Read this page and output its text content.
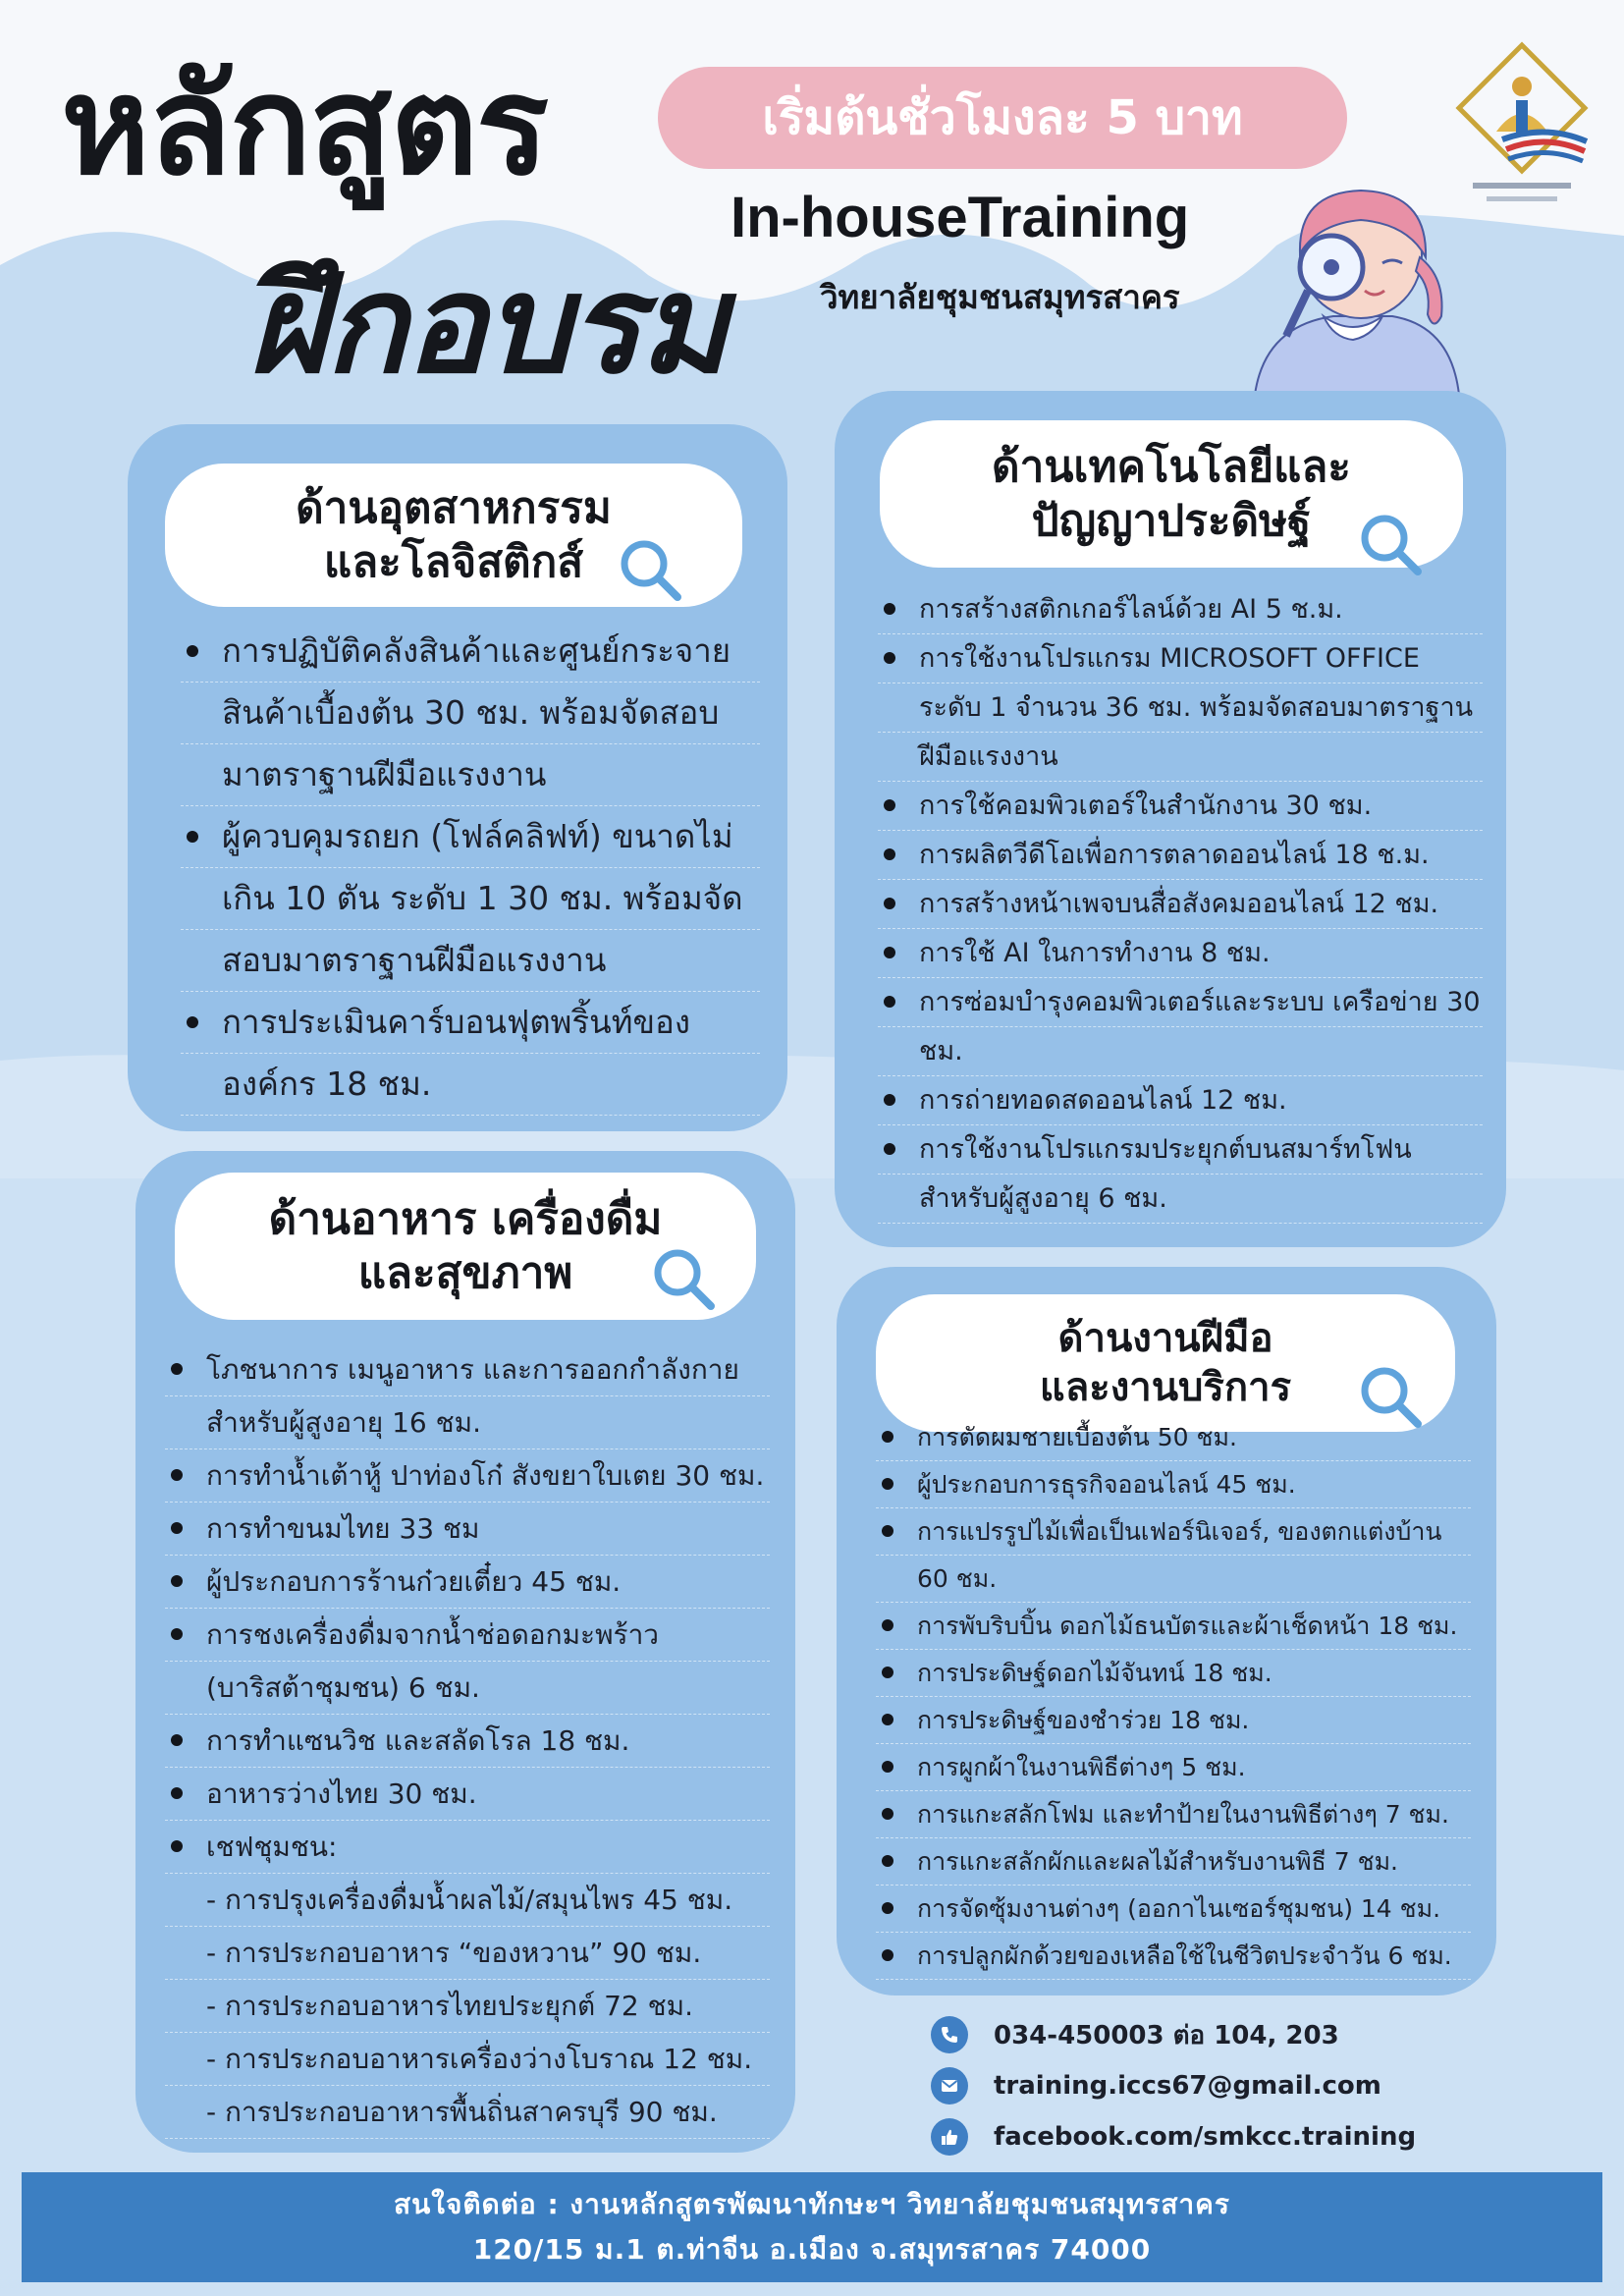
หลักสูตร
ฝึกอบรม
เริ่มต้นชั่วโมงละ 5 บาท
In-houseTraining
วิทยาลัยชุมชนสมุทรสาคร
ด้านอุตสาหกรรม
และโลจิสติกส์
การปฏิบัติคลังสินค้าและศูนย์กระจาย
สินค้าเบื้องต้น 30 ชม. พร้อมจัดสอบ
มาตราฐานฝีมือแรงงาน
ผู้ควบคุมรถยก (โฟล์คลิฟท์) ขนาดไม่
เกิน 10 ตัน ระดับ 1 30 ชม. พร้อมจัด
สอบมาตราฐานฝีมือแรงงาน
การประเมินคาร์บอนฟุตพริ้นท์ของ
องค์กร 18 ชม.
ด้านเทคโนโลยีและ
ปัญญาประดิษฐ์
การสร้างสติกเกอร์ไลน์ด้วย AI 5 ช.ม.
การใช้งานโปรแกรม MICROSOFT OFFICE
ระดับ 1 จำนวน 36 ชม. พร้อมจัดสอบมาตราฐาน
ฝีมือแรงงาน
การใช้คอมพิวเตอร์ในสำนักงาน 30 ชม.
การผลิตวีดีโอเพื่อการตลาดออนไลน์ 18 ช.ม.
การสร้างหน้าเพจบนสื่อสังคมออนไลน์ 12 ชม.
การใช้ AI ในการทำงาน 8 ชม.
การซ่อมบำรุงคอมพิวเตอร์และระบบ เครือข่าย 30
ชม.
การถ่ายทอดสดออนไลน์ 12 ชม.
การใช้งานโปรแกรมประยุกต์บนสมาร์ทโฟน
สำหรับผู้สูงอายุ 6 ชม.
ด้านอาหาร เครื่องดื่ม
และสุขภาพ
โภชนาการ เมนูอาหาร และการออกกำลังกาย
สำหรับผู้สูงอายุ 16 ชม.
การทำน้ำเต้าหู้ ปาท่องโก๋ สังขยาใบเตย 30 ชม.
การทำขนมไทย 33 ชม
ผู้ประกอบการร้านก๋วยเตี๋ยว 45 ชม.
การชงเครื่องดื่มจากน้ำช่อดอกมะพร้าว
(บาริสต้าชุมชน) 6 ชม.
การทำแซนวิช และสลัดโรล 18 ชม.
อาหารว่างไทย 30 ชม.
เชฟชุมชน:
- การปรุงเครื่องดื่มน้ำผลไม้/สมุนไพร 45 ชม.
- การประกอบอาหาร “ของหวาน” 90 ชม.
- การประกอบอาหารไทยประยุกต์ 72 ชม.
- การประกอบอาหารเครื่องว่างโบราณ 12 ชม.
- การประกอบอาหารพื้นถิ่นสาครบุรี 90 ชม.
ด้านงานฝีมือ
และงานบริการ
การตัดผมชายเบื้องต้น 50 ชม.
ผู้ประกอบการธุรกิจออนไลน์ 45 ชม.
การแปรรูปไม้เพื่อเป็นเฟอร์นิเจอร์, ของตกแต่งบ้าน
60 ชม.
การพับริบบิ้น ดอกไม้ธนบัตรและผ้าเช็ดหน้า 18 ชม.
การประดิษฐ์ดอกไม้จันทน์ 18 ชม.
การประดิษฐ์ของชำร่วย 18 ชม.
การผูกผ้าในงานพิธีต่างๆ 5 ชม.
การแกะสลักโฟม และทำป้ายในงานพิธีต่างๆ 7 ชม.
การแกะสลักผักและผลไม้สำหรับงานพิธี 7 ชม.
การจัดซุ้มงานต่างๆ (ออกาไนเซอร์ชุมชน) 14 ชม.
การปลูกผักด้วยของเหลือใช้ในชีวิตประจำวัน 6 ชม.
034-450003 ต่อ 104, 203
training.iccs67@gmail.com
facebook.com/smkcc.training
สนใจติดต่อ : งานหลักสูตรพัฒนาทักษะฯ วิทยาลัยชุมชนสมุทรสาคร
120/15 ม.1 ต.ท่าจีน อ.เมือง จ.สมุทรสาคร 74000
